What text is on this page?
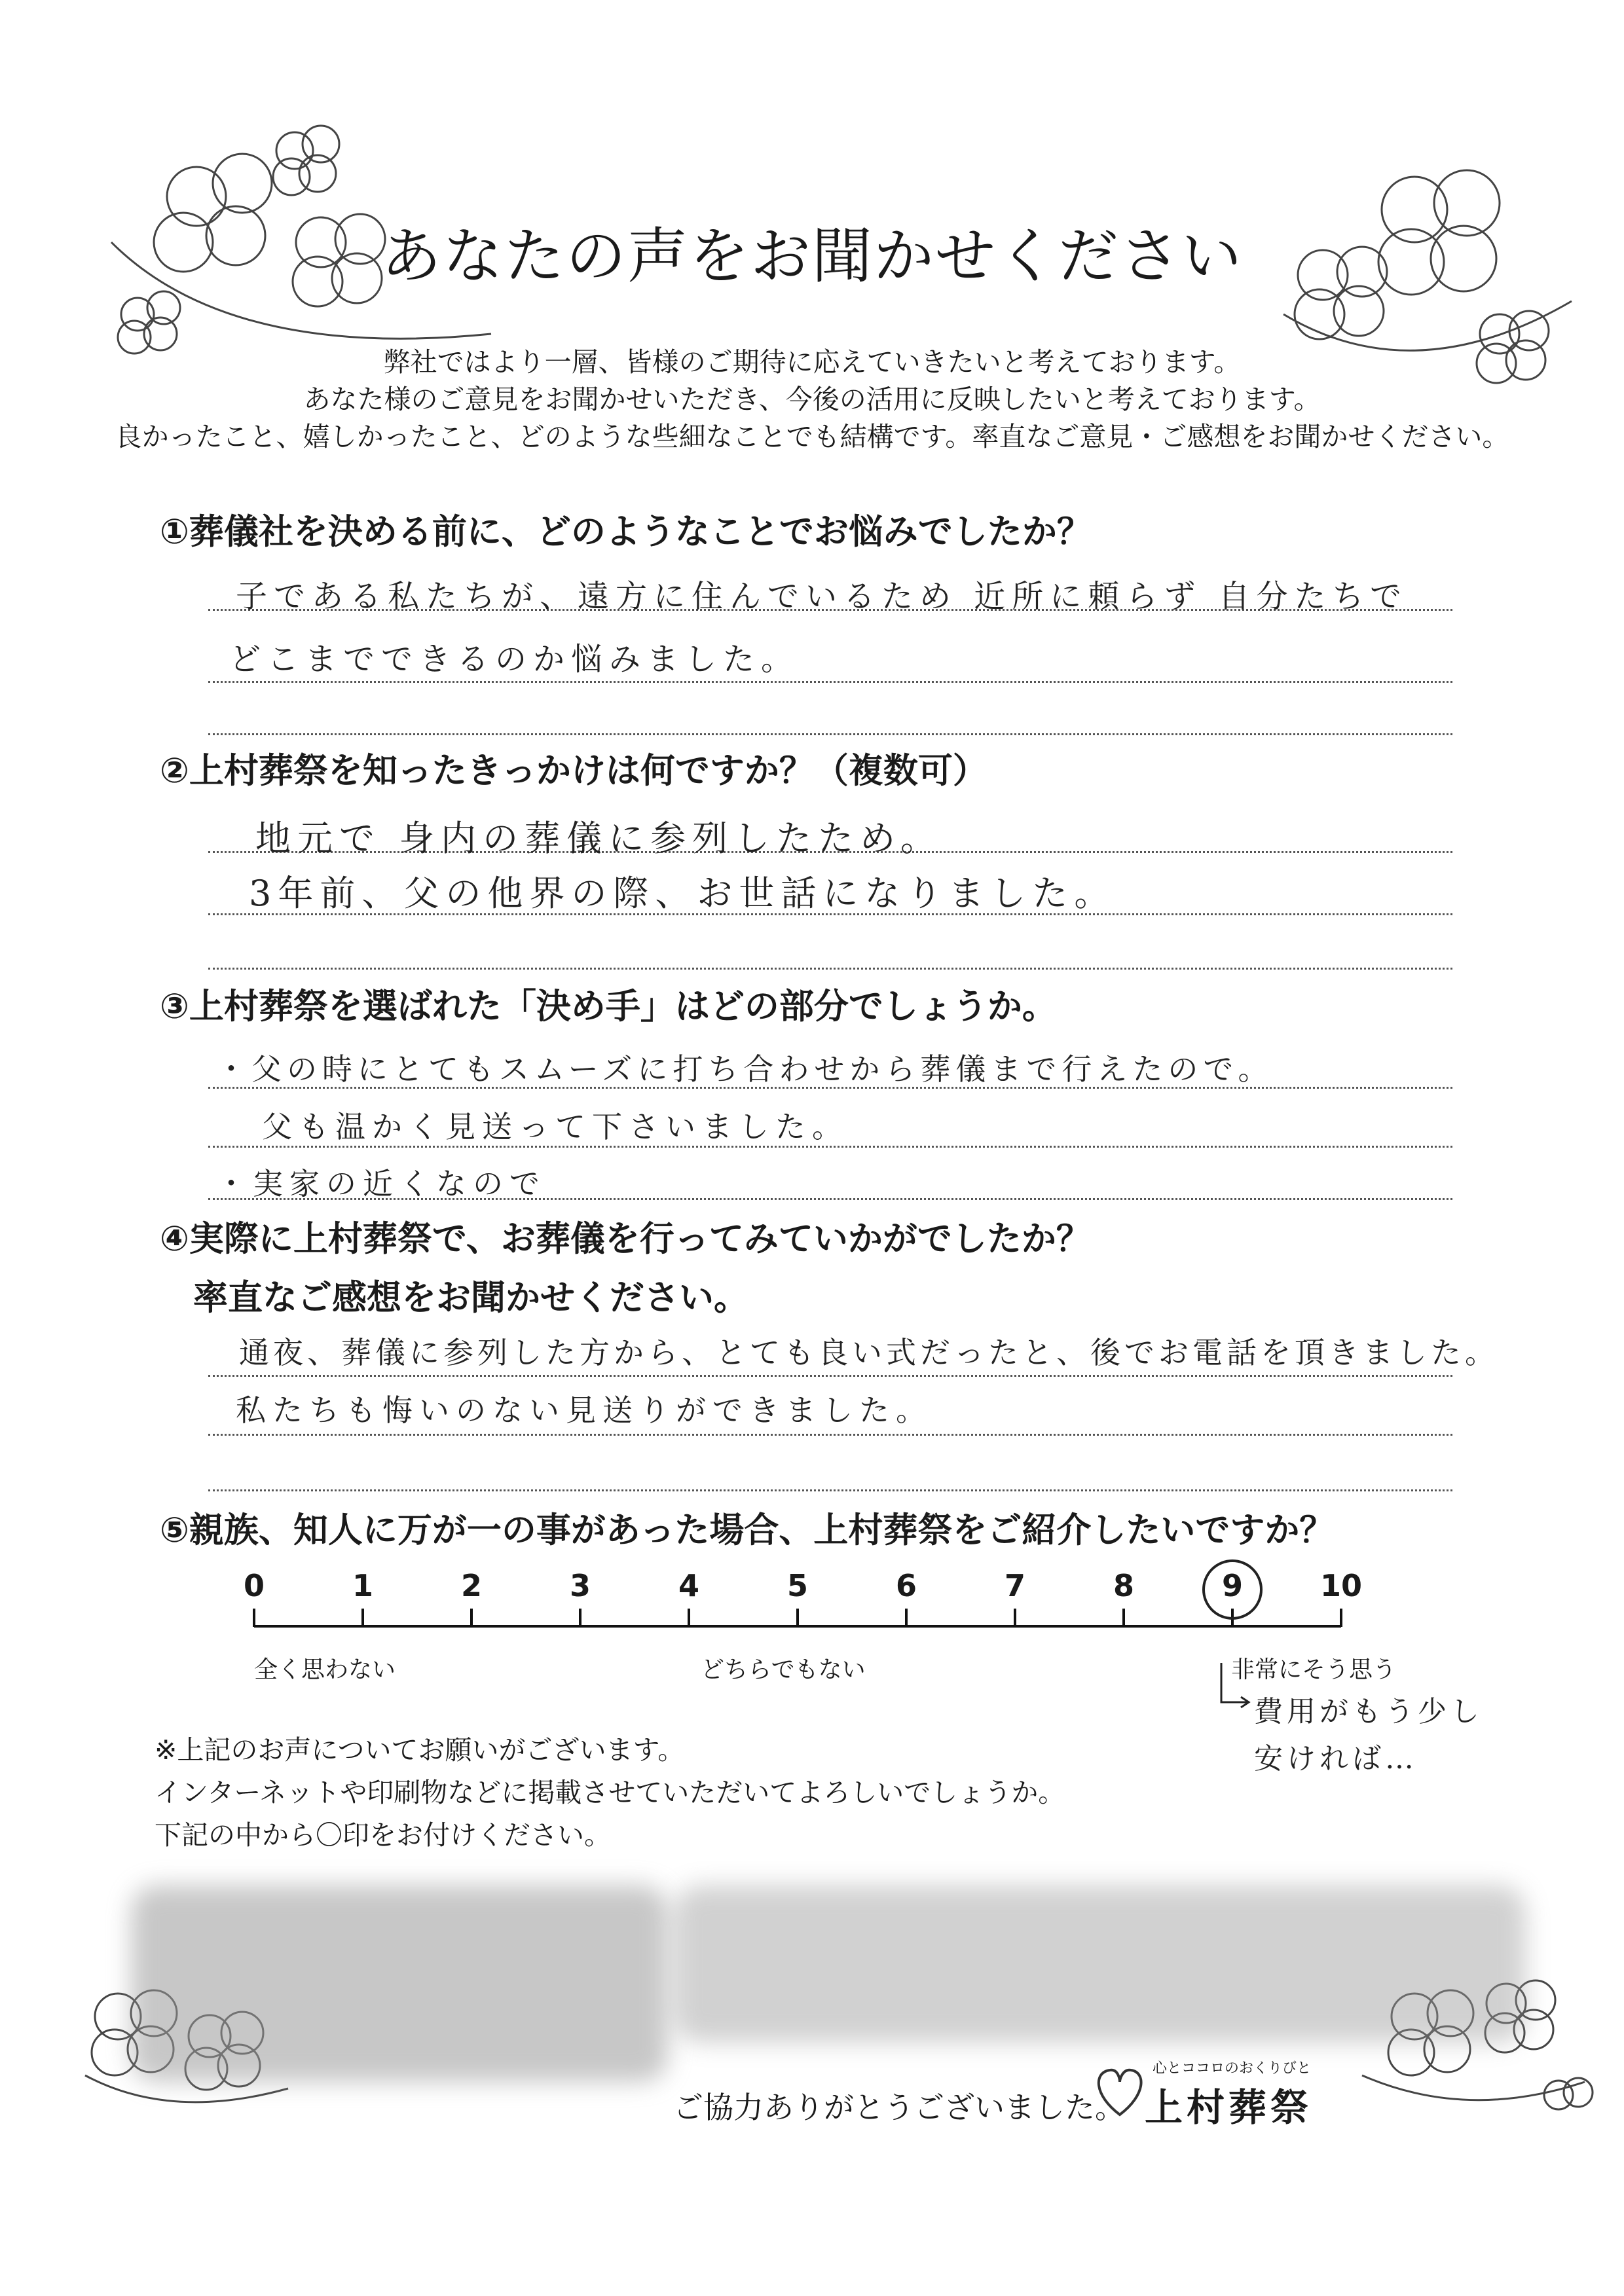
あなたの声をお聞かせください
弊社ではより一層、皆様のご期待に応えていきたいと考えております。
あなた様のご意見をお聞かせいただき、今後の活用に反映したいと考えております。
良かったこと、嬉しかったこと、どのような些細なことでも結構です。率直なご意見・ご感想をお聞かせください。
①葬儀社を決める前に、どのようなことでお悩みでしたか？
子である私たちが、遠方に住んでいるため 近所に頼らず 自分たちで
どこまでできるのか悩みました。
②上村葬祭を知ったきっかけは何ですか？（複数可）
地元で 身内の葬儀に参列したため。
3年前、父の他界の際、お世話になりました。
③上村葬祭を選ばれた「決め手」はどの部分でしょうか。
・父の時にとてもスムーズに打ち合わせから葬儀まで行えたので。
父も温かく見送って下さいました。
・実家の近くなので
④実際に上村葬祭で、お葬儀を行ってみていかがでしたか？
率直なご感想をお聞かせください。
通夜、葬儀に参列した方から、とても良い式だったと、後でお電話を頂きました。
私たちも悔いのない見送りができました。
⑤親族、知人に万が一の事があった場合、上村葬祭をご紹介したいですか？
0	1	2	3	4	5	6	7	8	9	10
全く思わない	どちらでもない	非常にそう思う
費用がもう少し
安ければ…
※上記のお声についてお願いがございます。
インターネットや印刷物などに掲載させていただいてよろしいでしょうか。
下記の中から〇印をお付けください。
ご協力ありがとうございました。
心とココロのおくりびと
上村葬祭
